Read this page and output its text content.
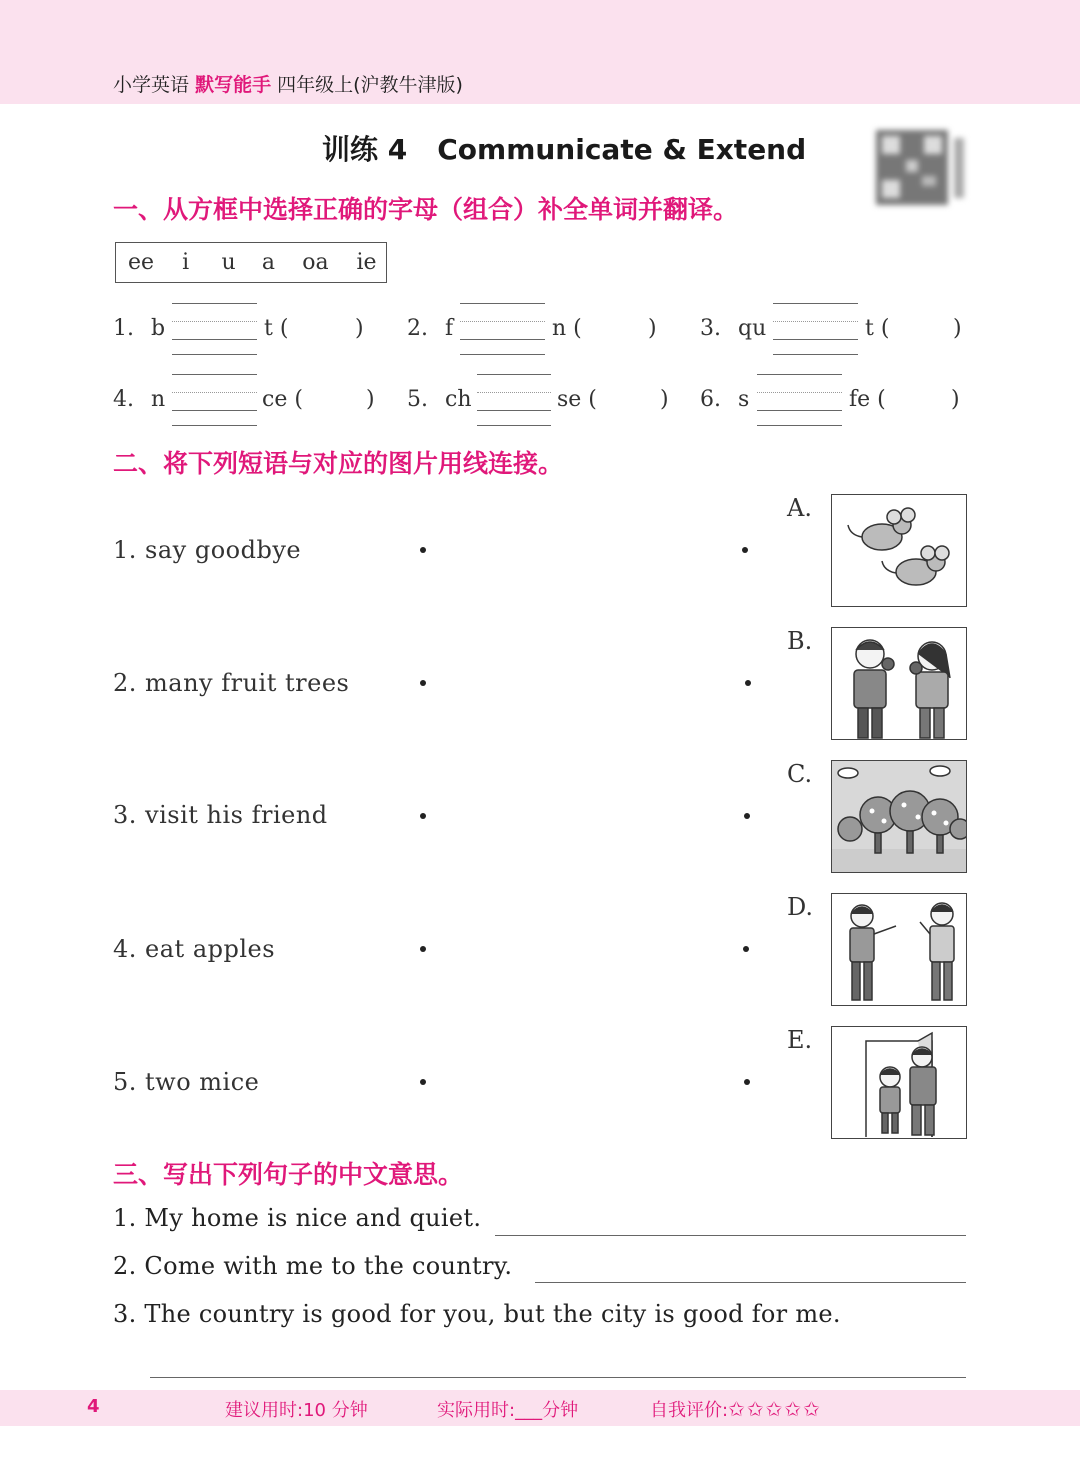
小学英语 默写能手 四年级上(沪教牛津版)
训练 4 Communicate & Extend
一、从方框中选择正确的字母（组合）补全单词并翻译。
ee	i	u	a	oa	ie
1. b	t (	) 2. f	n (	) 3. qu	t (	)
4. n	ce (	) 5. ch	se (	) 6. s	fe (	)
二、将下列短语与对应的图片用线连接。
1. say goodbye
2. many fruit trees
3. visit his friend
4. eat apples
5. two mice
A.
B.
C.
D.
E.
三、写出下列句子的中文意思。
1. My home is nice and quiet.
2. Come with me to the country.
3. The country is good for you, but the city is good for me.
4	建议用时:10 分钟	实际用时:___分钟	自我评价:✩✩✩✩✩
